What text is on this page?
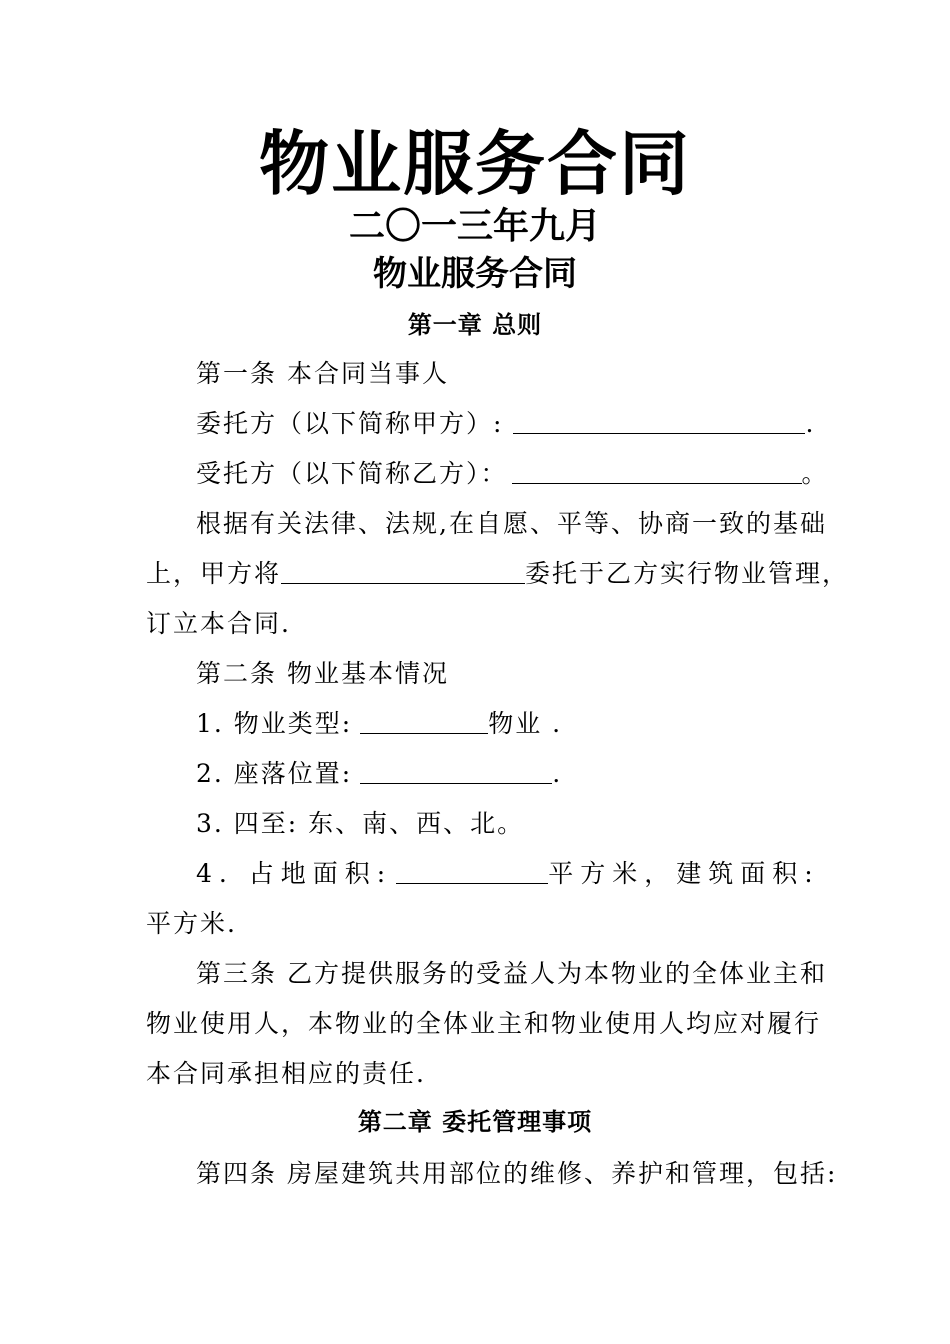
物业服务合同
二〇一三年九月
物业服务合同
第一章 总则
第一条 本合同当事人
委托方（以下简称甲方）:	.
受托方（以下简称乙方）：	。
根据有关法律、法规,在自愿、平等、协商一致的基础
上，甲方将	委托于乙方实行物业管理，
订立本合同.
第二条 物业基本情况
1. 物业类型:	物业 .
2. 座落位置:	.
3. 四至: 东、南、西、北。
4. 占地面积:	平方米，建筑面积:
平方米.
第三条 乙方提供服务的受益人为本物业的全体业主和
物业使用人，本物业的全体业主和物业使用人均应对履行
本合同承担相应的责任.
第二章 委托管理事项
第四条 房屋建筑共用部位的维修、养护和管理，包括:
